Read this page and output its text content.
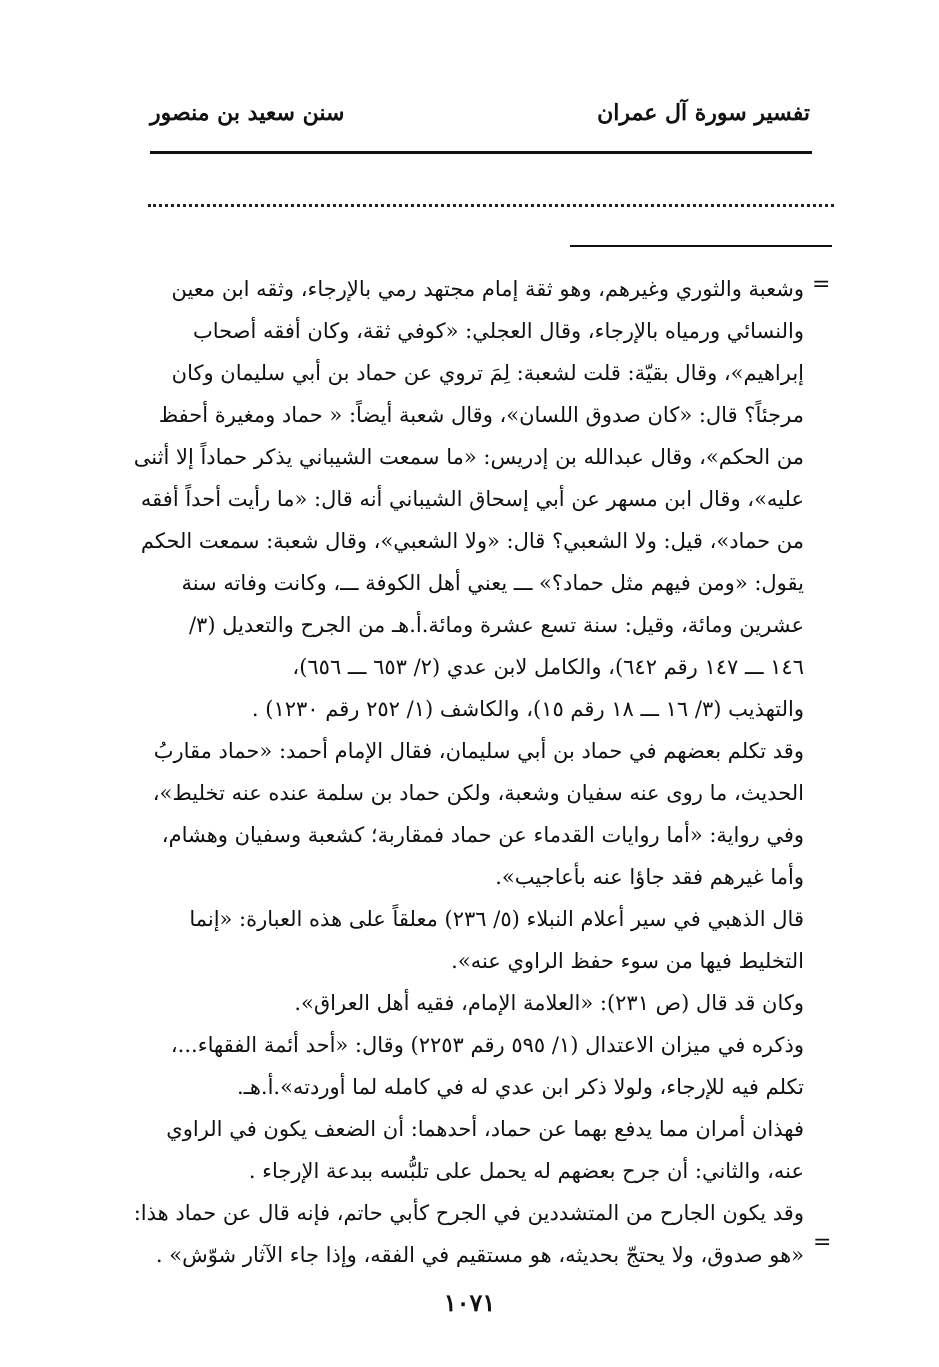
تفسير سورة آل عمران
سنن سعيد بن منصور
=
وشعبة والثوري وغيرهم، وهو ثقة إمام مجتهد رمي بالإرجاء، وثقه ابن معين
والنسائي ورمياه بالإرجاء، وقال العجلي: «كوفي ثقة، وكان أفقه أصحاب
إبراهيم»، وقال بقيّة: قلت لشعبة: لِمَ تروي عن حماد بن أبي سليمان وكان
مرجئاً؟ قال: «كان صدوق اللسان»، وقال شعبة أيضاً: « حماد ومغيرة أحفظ
من الحكم»، وقال عبدالله بن إدريس: «ما سمعت الشيباني يذكر حماداً إلا أثنى
عليه»، وقال ابن مسهر عن أبي إسحاق الشيباني أنه قال: «ما رأيت أحداً أفقه
من حماد»، قيل: ولا الشعبي؟ قال: «ولا الشعبي»، وقال شعبة: سمعت الحكم
يقول: «ومن فيهم مثل حماد؟» ـــ يعني أهل الكوفة ـــ، وكانت وفاته سنة
عشرين ومائة، وقيل: سنة تسع عشرة ومائة.أ.هـ من الجرح والتعديل (٣/
١٤٦ ـــ ١٤٧ رقم ٦٤٢)، والكامل لابن عدي (٢/ ٦٥٣ ـــ ٦٥٦)،
والتهذيب (٣/ ١٦ ـــ ١٨ رقم ١٥)، والكاشف (١/ ٢٥٢ رقم ١٢٣٠) .
وقد تكلم بعضهم في حماد بن أبي سليمان، فقال الإمام أحمد: «حماد مقاربُ
الحديث، ما روى عنه سفيان وشعبة، ولكن حماد بن سلمة عنده عنه تخليط»،
وفي رواية: «أما روايات القدماء عن حماد فمقاربة؛ كشعبة وسفيان وهشام،
وأما غيرهم فقد جاؤا عنه بأعاجيب».
قال الذهبي في سير أعلام النبلاء (٥/ ٢٣٦) معلقاً على هذه العبارة: «إنما
التخليط فيها من سوء حفظ الراوي عنه».
وكان قد قال (ص ٢٣١): «العلامة الإمام، فقيه أهل العراق».
وذكره في ميزان الاعتدال (١/ ٥٩٥ رقم ٢٢٥٣) وقال: «أحد أئمة الفقهاء...،
تكلم فيه للإرجاء، ولولا ذكر ابن عدي له في كامله لما أوردته».أ.هـ.
فهذان أمران مما يدفع بهما عن حماد، أحدهما: أن الضعف يكون في الراوي
عنه، والثاني: أن جرح بعضهم له يحمل على تلبُّسه ببدعة الإرجاء .
وقد يكون الجارح من المتشددين في الجرح كأبي حاتم، فإنه قال عن حماد هذا:
«هو صدوق، ولا يحتجّ بحديثه، هو مستقيم في الفقه، وإذا جاء الآثار شوّش» . =
١٠٧١
